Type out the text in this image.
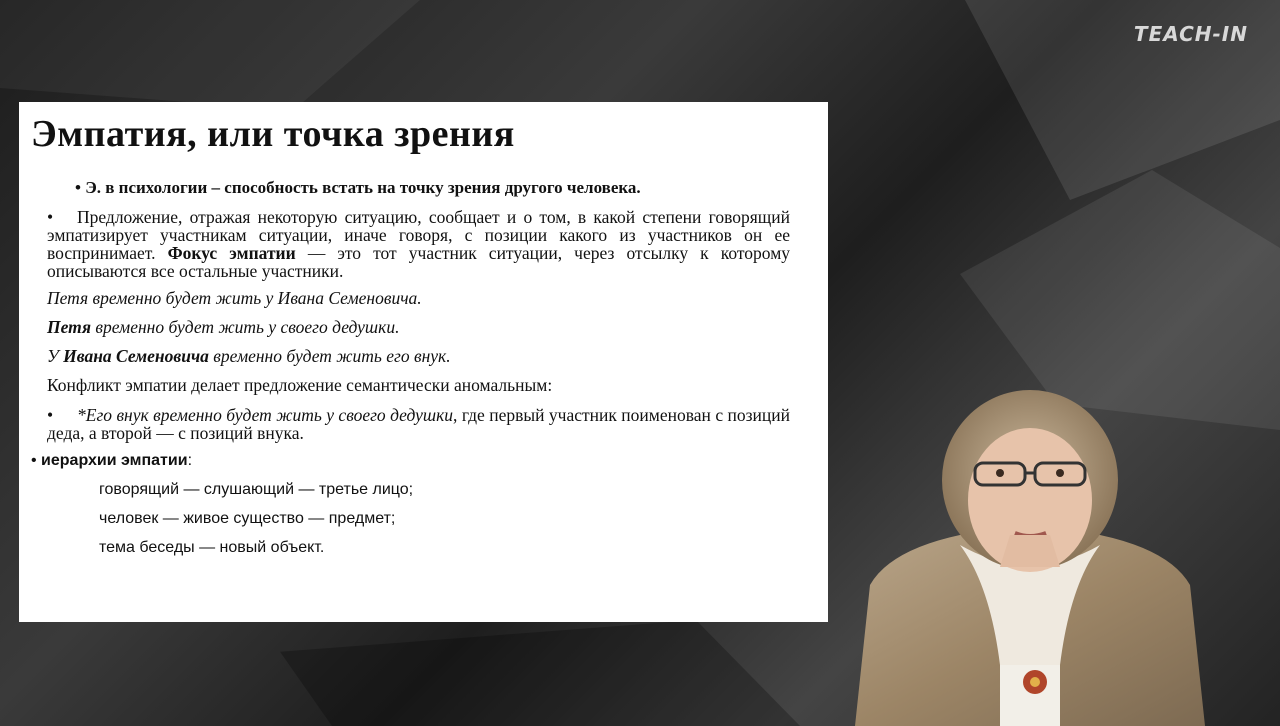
TEACH-IN
Эмпатия, или точка зрения
• Э. в психологии – способность встать на точку зрения другого человека.
• Предложение, отражая некоторую ситуацию, сообщает и о том, в какой степени говорящий эмпатизирует участникам ситуации, иначе говоря, с позиции какого из участников он ее воспринимает. Фокус эмпатии — это тот участник ситуации, через отсылку к которому описываются все остальные участники.
Петя временно будет жить у Ивана Семеновича.
Петя временно будет жить у своего дедушки.
У Ивана Семеновича временно будет жить его внук.
Конфликт эмпатии делает предложение семантически аномальным:
• *Его внук временно будет жить у своего дедушки, где первый участник поименован с позиций деда, а второй — с позиций внука.
• иерархии эмпатии:
говорящий — слушающий — третье лицо;
человек — живое существо — предмет;
тема беседы — новый объект.
